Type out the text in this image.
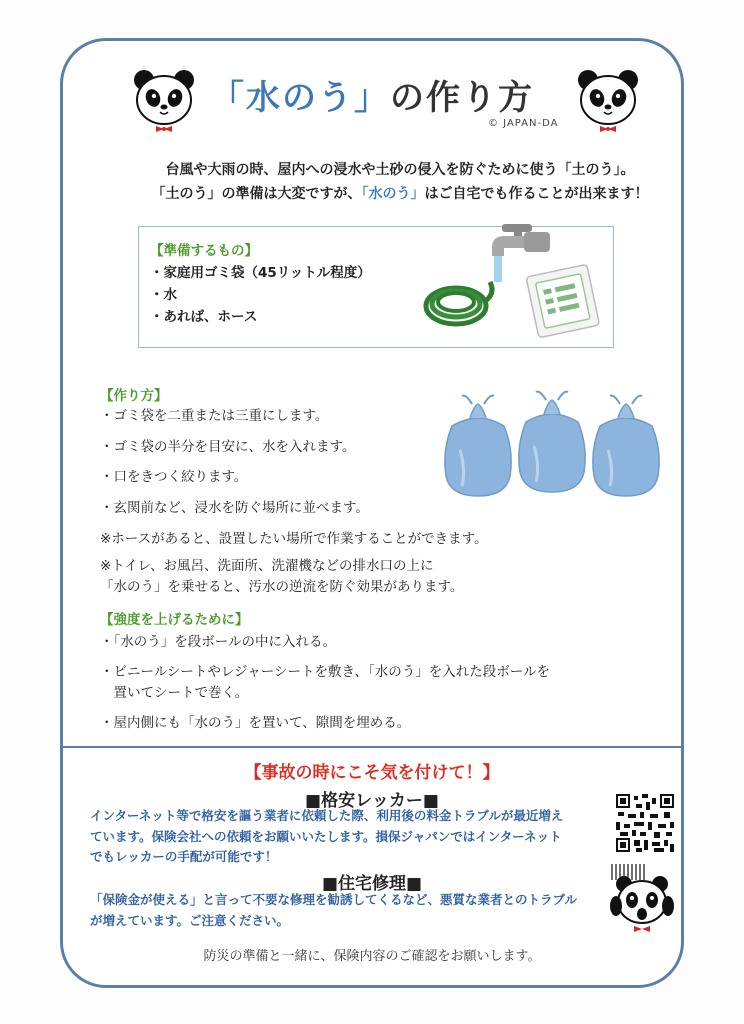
「水のう」の作り方
© JAPAN-DA
台風や大雨の時、屋内への浸水や土砂の侵入を防ぐために使う「土のう」。
「土のう」の準備は大変ですが、「水のう」はご自宅でも作ることが出来ます！
【準備するもの】
・家庭用ゴミ袋（45リットル程度）
・水
・あれば、ホース
【作り方】
・ゴミ袋を二重または三重にします。
・ゴミ袋の半分を目安に、水を入れます。
・口をきつく絞ります。
・玄関前など、浸水を防ぐ場所に並べます。
※ホースがあると、設置したい場所で作業することができます。
※トイレ、お風呂、洗面所、洗濯機などの排水口の上に
「水のう」を乗せると、汚水の逆流を防ぐ効果があります。
【強度を上げるために】
・「水のう」を段ボールの中に入れる。
・ビニールシートやレジャーシートを敷き、「水のう」を入れた段ボールを
　置いてシートで巻く。
・屋内側にも「水のう」を置いて、隙間を埋める。
【事故の時にこそ気を付けて！】
■格安レッカー■
インターネット等で格安を謳う業者に依頼した際、利用後の料金トラブルが最近増え
ています。保険会社への依頼をお願いいたします。損保ジャパンではインターネット
でもレッカーの手配が可能です！
■住宅修理■
「保険金が使える」と言って不要な修理を勧誘してくるなど、悪質な業者とのトラブル
が増えています。ご注意ください。
防災の準備と一緒に、保険内容のご確認をお願いします。
